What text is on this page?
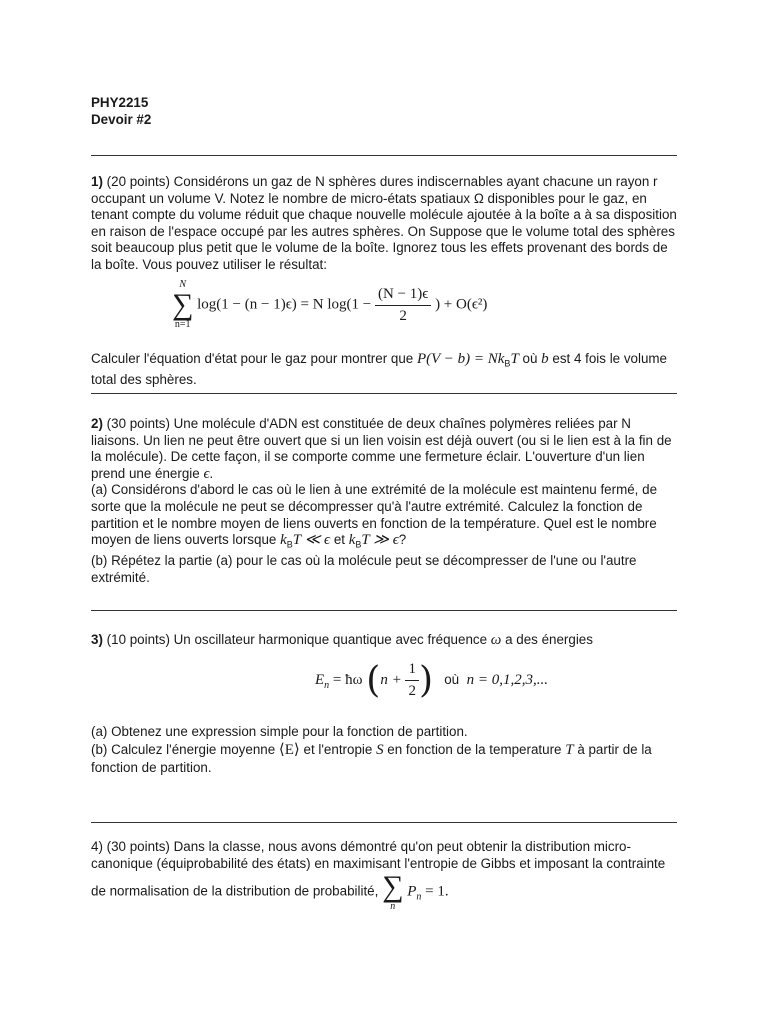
PHY2215
Devoir #2
1) (20 points) Considérons un gaz de N sphères dures indiscernables ayant chacune un rayon r occupant un volume V. Notez le nombre de micro-états spatiaux Ω disponibles pour le gaz, en tenant compte du volume réduit que chaque nouvelle molécule ajoutée à la boîte a à sa disposition en raison de l'espace occupé par les autres sphères. On Suppose que le volume total des sphères soit beaucoup plus petit que le volume de la boîte. Ignorez tous les effets provenant des bords de la boîte. Vous pouvez utiliser le résultat:
N
∑
n=1
log(1 − (n − 1)ϵ) = N $\log(1 - \frac{(N - 1)\epsilon}{2}$ ) + O(ϵ²)
Calculer l'équation d'état pour le gaz pour montrer que $P(V - b) = Nk_BT$ où b est 4 fois le volume total des sphères.
2) (30 points) Une molécule d'ADN est constituée de deux chaînes polymères reliées par N liaisons. Un lien ne peut être ouvert que si un lien voisin est déjà ouvert (ou si le lien est à la fin de la molécule). De cette façon, il se comporte comme une fermeture éclair. L'ouverture d'un lien prend une énergie ϵ.
(a) Considérons d'abord le cas où le lien à une extrémité de la molécule est maintenu fermé, de sorte que la molécule ne peut se décompresser qu'à l'autre extrémité. Calculez la fonction de partition et le nombre moyen de liens ouverts en fonction de la température. Quel est le nombre moyen de liens ouverts lorsque $k_BT$ ≪ ϵ et $k_BT$ ≫ ϵ?
(b) Répétez la partie (a) pour le cas où la molécule peut se décompresser de l'une ou l'autre extrémité.
3) (10 points) Un oscillateur harmonique quantique avec fréquence ω a des énergies
$E_n$ = ħω ($n + \frac{1}{2}$ ) où n = 0,1,2,3,...
(a) Obtenez une expression simple pour la fonction de partition.
(b) Calculez l'énergie moyenne ⟨E⟩ et l'entropie S en fonction de la temperature T à partir de la fonction de partition.
4) (30 points) Dans la classe, nous avons démontré qu'on peut obtenir la distribution micro-canonique (équiprobabilité des états) en maximisant l'entropie de Gibbs et imposant la contrainte de normalisation de la distribution de probabilité, ∑
n
$P_n = 1$.
